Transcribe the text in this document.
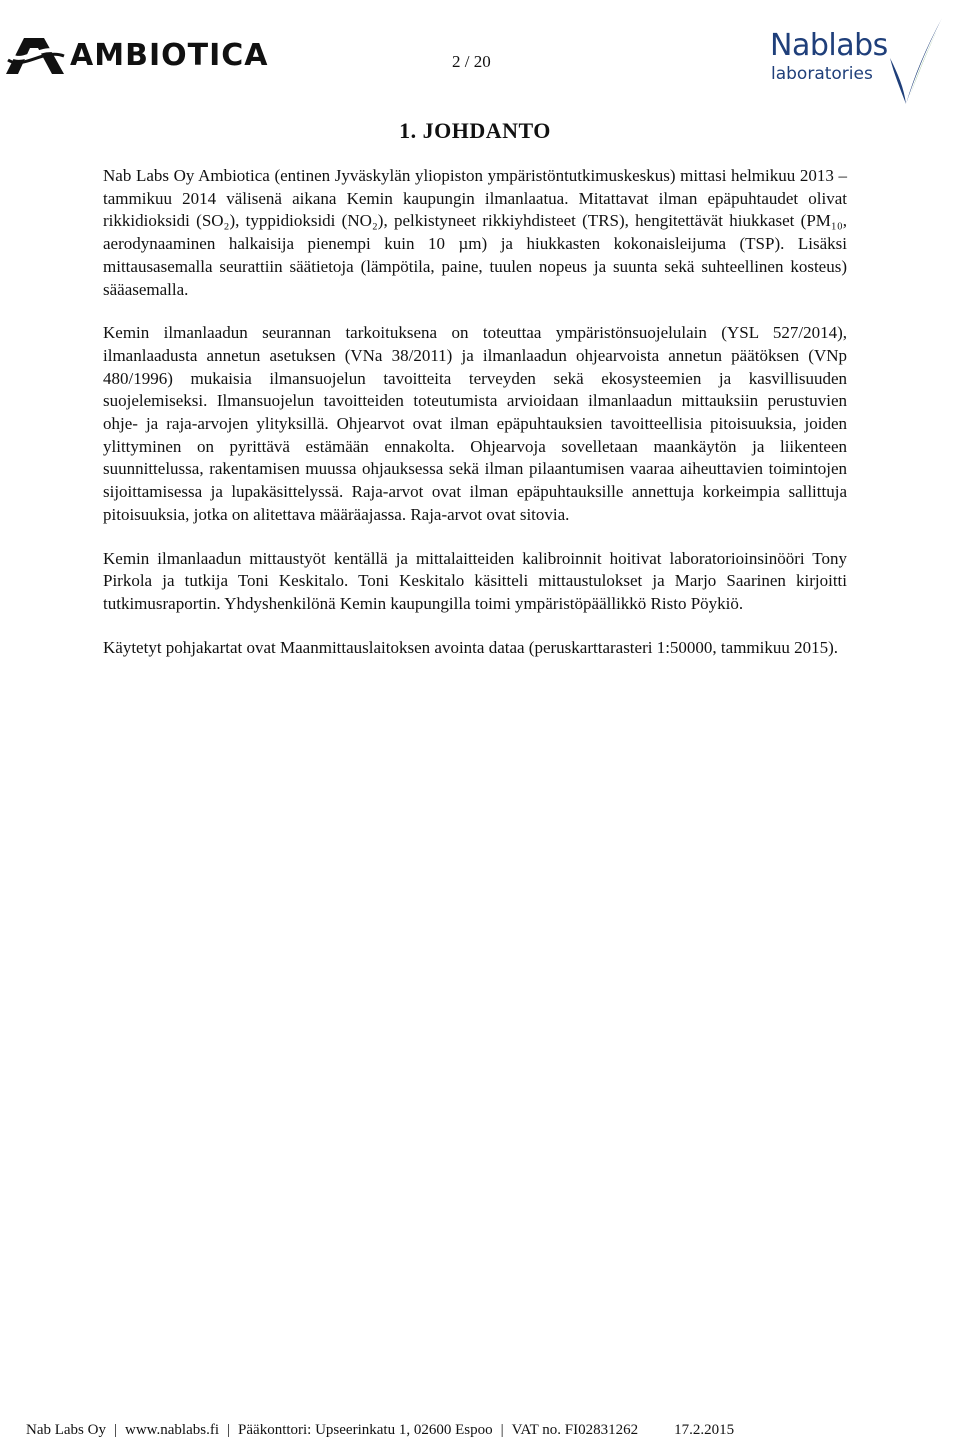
AMBIOTICA	2 / 20	Nablabs
laboratories
1. JOHDANTO

Nab Labs Oy Ambiotica (entinen Jyväskylän yliopiston ympäristöntutkimuskeskus) mittasi helmikuu 2013 – tammikuu 2014 välisenä aikana Kemin kaupungin ilmanlaatua. Mitattavat ilman epäpuhtaudet olivat rikkidioksidi (SO₂), typpidioksidi (NO₂), pelkistyneet rikkiyhdisteet (TRS), hengitettävät hiukkaset (PM₁₀, aerodynaaminen halkaisija pienempi kuin 10 µm) ja hiukkasten kokonaisleijuma (TSP). Lisäksi mittausasemalla seurattiin säätietoja (lämpötila, paine, tuulen nopeus ja suunta sekä suhteellinen kosteus) sääasemalla.

Kemin ilmanlaadun seurannan tarkoituksena on toteuttaa ympäristönsuojelulain (YSL 527/2014), ilmanlaadusta annetun asetuksen (VNa 38/2011) ja ilmanlaadun ohjearvoista annetun päätöksen (VNp 480/1996) mukaisia ilmansuojelun tavoitteita terveyden sekä ekosysteemien ja kasvillisuuden suojelemiseksi. Ilmansuojelun tavoitteiden toteutumista arvioidaan ilmanlaadun mittauksiin perustuvien ohje- ja raja-arvojen ylityksillä. Ohjearvot ovat ilman epäpuhtauksien tavoitteellisia pitoisuuksia, joiden ylittyminen on pyrittävä estämään ennakolta. Ohjearvoja sovelletaan maankäytön ja liikenteen suunnittelussa, rakentamisen muussa ohjauksessa sekä ilman pilaantumisen vaaraa aiheuttavien toimintojen sijoittamisessa ja lupakäsittelyssä. Raja-arvot ovat ilman epäpuhtauksille annettuja korkeimpia sallittuja pitoisuuksia, jotka on alitettava määräajassa. Raja-arvot ovat sitovia.

Kemin ilmanlaadun mittaustyöt kentällä ja mittalaitteiden kalibroinnit hoitivat laboratorioinsinööri Tony Pirkola ja tutkija Toni Keskitalo. Toni Keskitalo käsitteli mittaustulokset ja Marjo Saarinen kirjoitti tutkimusraportin. Yhdyshenkilönä Kemin kaupungilla toimi ympäristöpäällikkö Risto Pöykiö.

Käytetyt pohjakartat ovat Maanmittauslaitoksen avointa dataa (peruskarttarasteri 1:50000, tammikuu 2015).

Nab Labs Oy | www.nablabs.fi | Pääkonttori: Upseerinkatu 1, 02600 Espoo | VAT no. FI02831262 17.2.2015
